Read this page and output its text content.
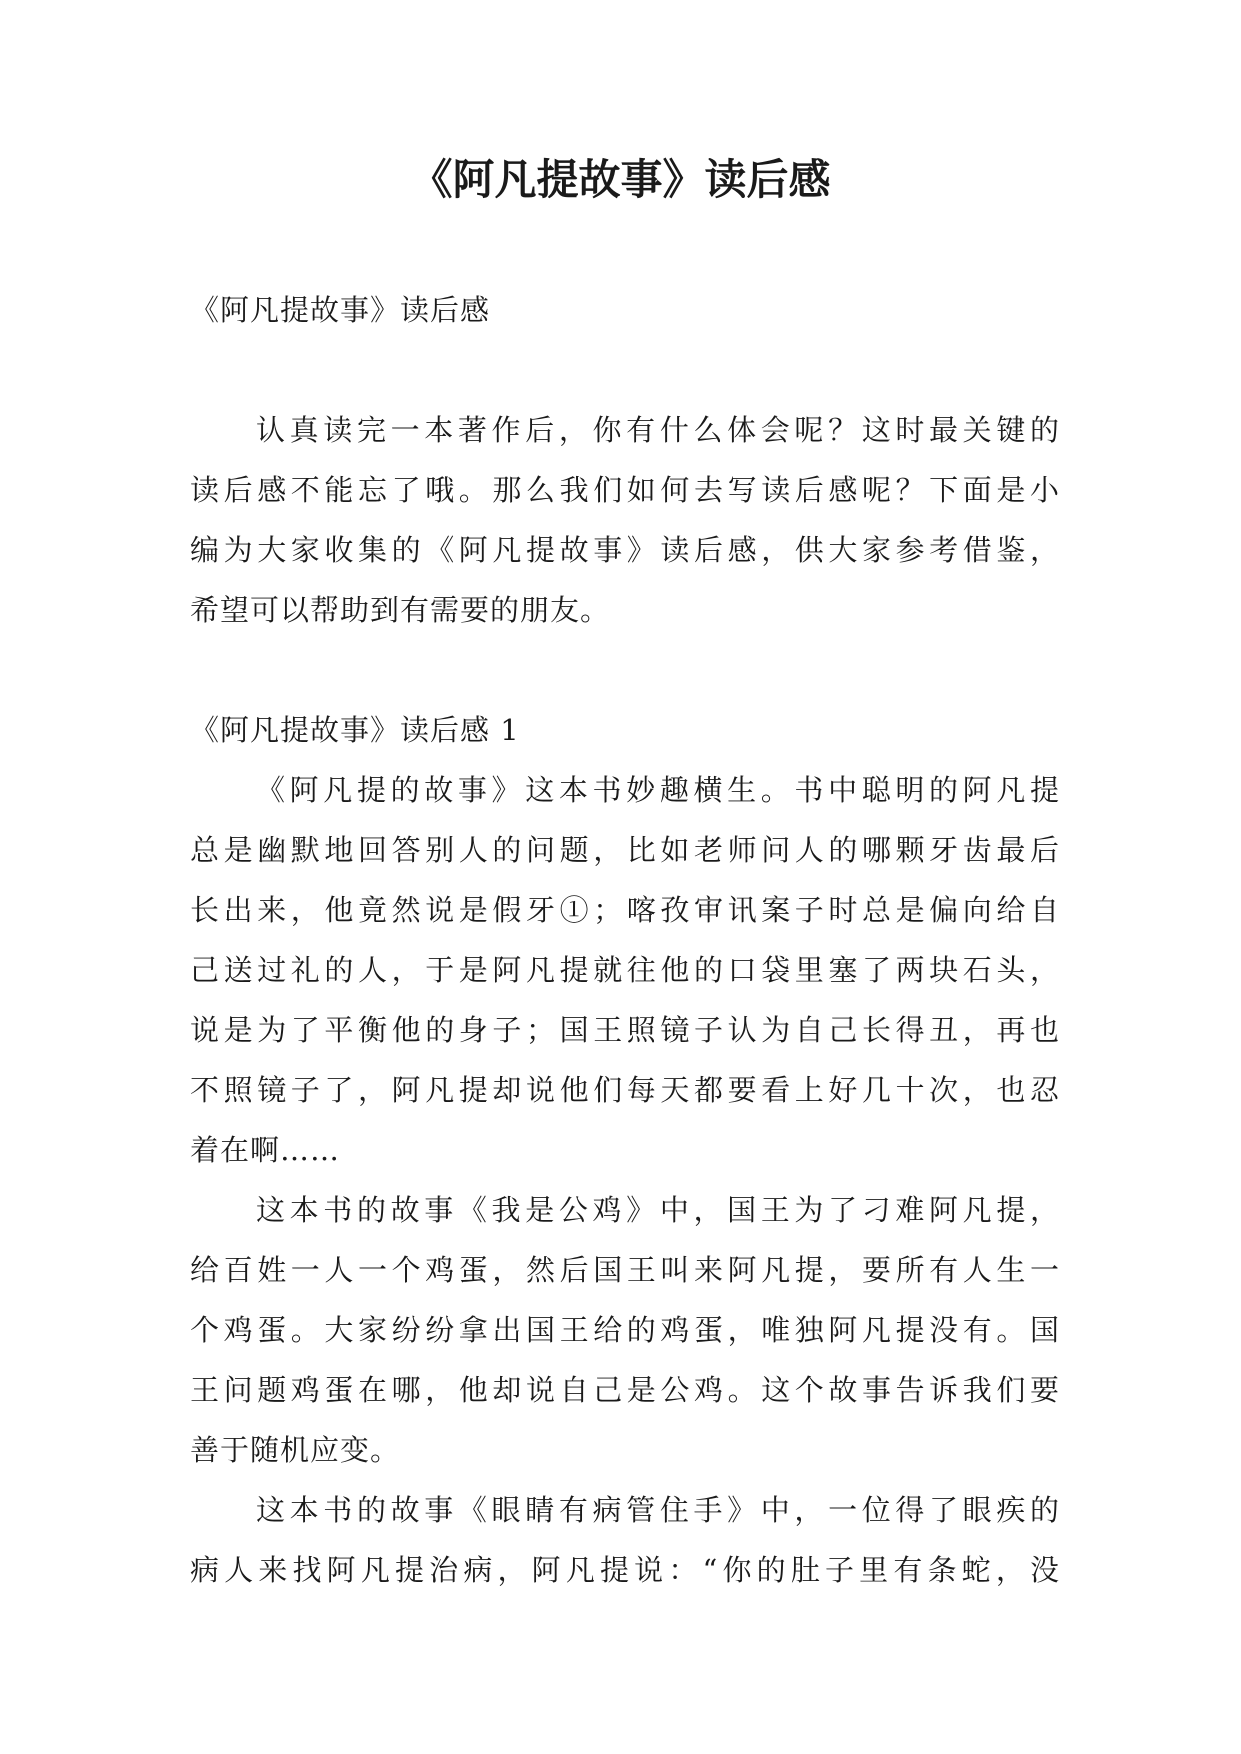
《阿凡提故事》读后感

《阿凡提故事》读后感

认真读完一本著作后，你有什么体会呢？这时最关键的

读后感不能忘了哦。那么我们如何去写读后感呢？下面是小

编为大家收集的《阿凡提故事》读后感，供大家参考借鉴，

希望可以帮助到有需要的朋友。

《阿凡提故事》读后感 1

《阿凡提的故事》这本书妙趣横生。书中聪明的阿凡提

总是幽默地回答别人的问题，比如老师问人的哪颗牙齿最后

长出来，他竟然说是假牙①；喀孜审讯案子时总是偏向给自

己送过礼的人，于是阿凡提就往他的口袋里塞了两块石头，

说是为了平衡他的身子；国王照镜子认为自己长得丑，再也

不照镜子了，阿凡提却说他们每天都要看上好几十次，也忍

着在啊……

这本书的故事《我是公鸡》中，国王为了刁难阿凡提，

给百姓一人一个鸡蛋，然后国王叫来阿凡提，要所有人生一

个鸡蛋。大家纷纷拿出国王给的鸡蛋，唯独阿凡提没有。国

王问题鸡蛋在哪，他却说自己是公鸡。这个故事告诉我们要

善于随机应变。

这本书的故事《眼睛有病管住手》中，一位得了眼疾的

病人来找阿凡提治病，阿凡提说：“你的肚子里有条蛇，没
